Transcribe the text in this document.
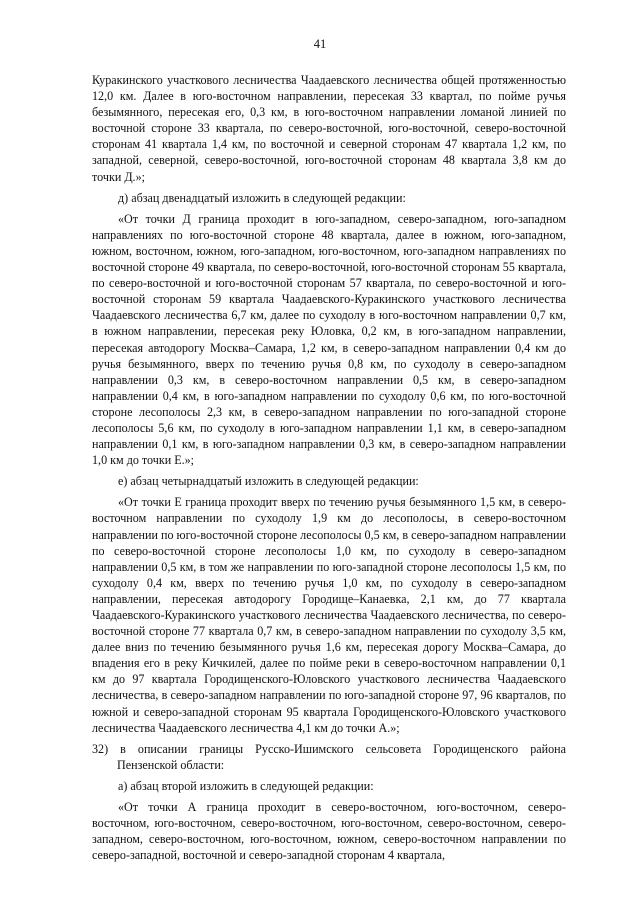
41

Куракинского участкового лесничества Чаадаевского лесничества общей протяженностью 12,0 км. Далее в юго-восточном направлении, пересекая 33 квартал, по пойме ручья безымянного, пересекая его, 0,3 км, в юго-восточном направлении ломаной линией по восточной стороне 33 квартала, по северо-восточной, юго-восточной, северо-восточной сторонам 41 квартала 1,4 км, по восточной и северной сторонам 47 квартала 1,2 км, по западной, северной, северо-восточной, юго-восточной сторонам 48 квартала 3,8 км до точки Д.»;

д) абзац двенадцатый изложить в следующей редакции:

«От точки Д граница проходит в юго-западном, северо-западном, юго-западном направлениях по юго-восточной стороне 48 квартала, далее в южном, юго-западном, южном, восточном, южном, юго-западном, юго-восточном, юго-западном направлениях по восточной стороне 49 квартала, по северо-восточной, юго-восточной сторонам 55 квартала, по северо-восточной и юго-восточной сторонам 57 квартала, по северо-восточной и юго-восточной сторонам 59 квартала Чаадаевского-Куракинского участкового лесничества Чаадаевского лесничества 6,7 км, далее по суходолу в юго-восточном направлении 0,7 км, в южном направлении, пересекая реку Юловка, 0,2 км, в юго-западном направлении, пересекая автодорогу Москва–Самара, 1,2 км, в северо-западном направлении 0,4 км до ручья безымянного, вверх по течению ручья 0,8 км, по суходолу в северо-западном направлении 0,3 км, в северо-восточном направлении 0,5 км, в северо-западном направлении 0,4 км, в юго-западном направлении по суходолу 0,6 км, по юго-восточной стороне лесополосы 2,3 км, в северо-западном направлении по юго-западной стороне лесополосы 5,6 км, по суходолу в юго-западном направлении 1,1 км, в северо-западном направлении 0,1 км, в юго-западном направлении 0,3 км, в северо-западном направлении 1,0 км до точки Е.»;

е) абзац четырнадцатый изложить в следующей редакции:

«От точки Е граница проходит вверх по течению ручья безымянного 1,5 км, в северо-восточном направлении по суходолу 1,9 км до лесополосы, в северо-восточном направлении по юго-восточной стороне лесополосы 0,5 км, в северо-западном направлении по северо-восточной стороне лесополосы 1,0 км, по суходолу в северо-западном направлении 0,5 км, в том же направлении по юго-западной стороне лесополосы 1,5 км, по суходолу 0,4 км, вверх по течению ручья 1,0 км, по суходолу в северо-западном направлении, пересекая автодорогу Городище–Канаевка, 2,1 км, до 77 квартала Чаадаевского-Куракинского участкового лесничества Чаадаевского лесничества, по северо-восточной стороне 77 квартала 0,7 км, в северо-западном направлении по суходолу 3,5 км, далее вниз по течению безымянного ручья 1,6 км, пересекая дорогу Москва–Самара, до впадения его в реку Кичкилей, далее по пойме реки в северо-восточном направлении 0,1 км до 97 квартала Городищенского-Юловского участкового лесничества Чаадаевского лесничества, в северо-западном направлении по юго-западной стороне 97, 96 кварталов, по южной и северо-западной сторонам 95 квартала Городищенского-Юловского участкового лесничества Чаадаевского лесничества 4,1 км до точки А.»;

32) в описании границы Русско-Ишимского сельсовета Городищенского района Пензенской области:

а) абзац второй изложить в следующей редакции:

«От точки А граница проходит в северо-восточном, юго-восточном, северо-восточном, юго-восточном, северо-восточном, юго-восточном, северо-восточном, северо-западном, северо-восточном, юго-восточном, южном, северо-восточном направлении по северо-западной, восточной и северо-западной сторонам 4 квартала,
